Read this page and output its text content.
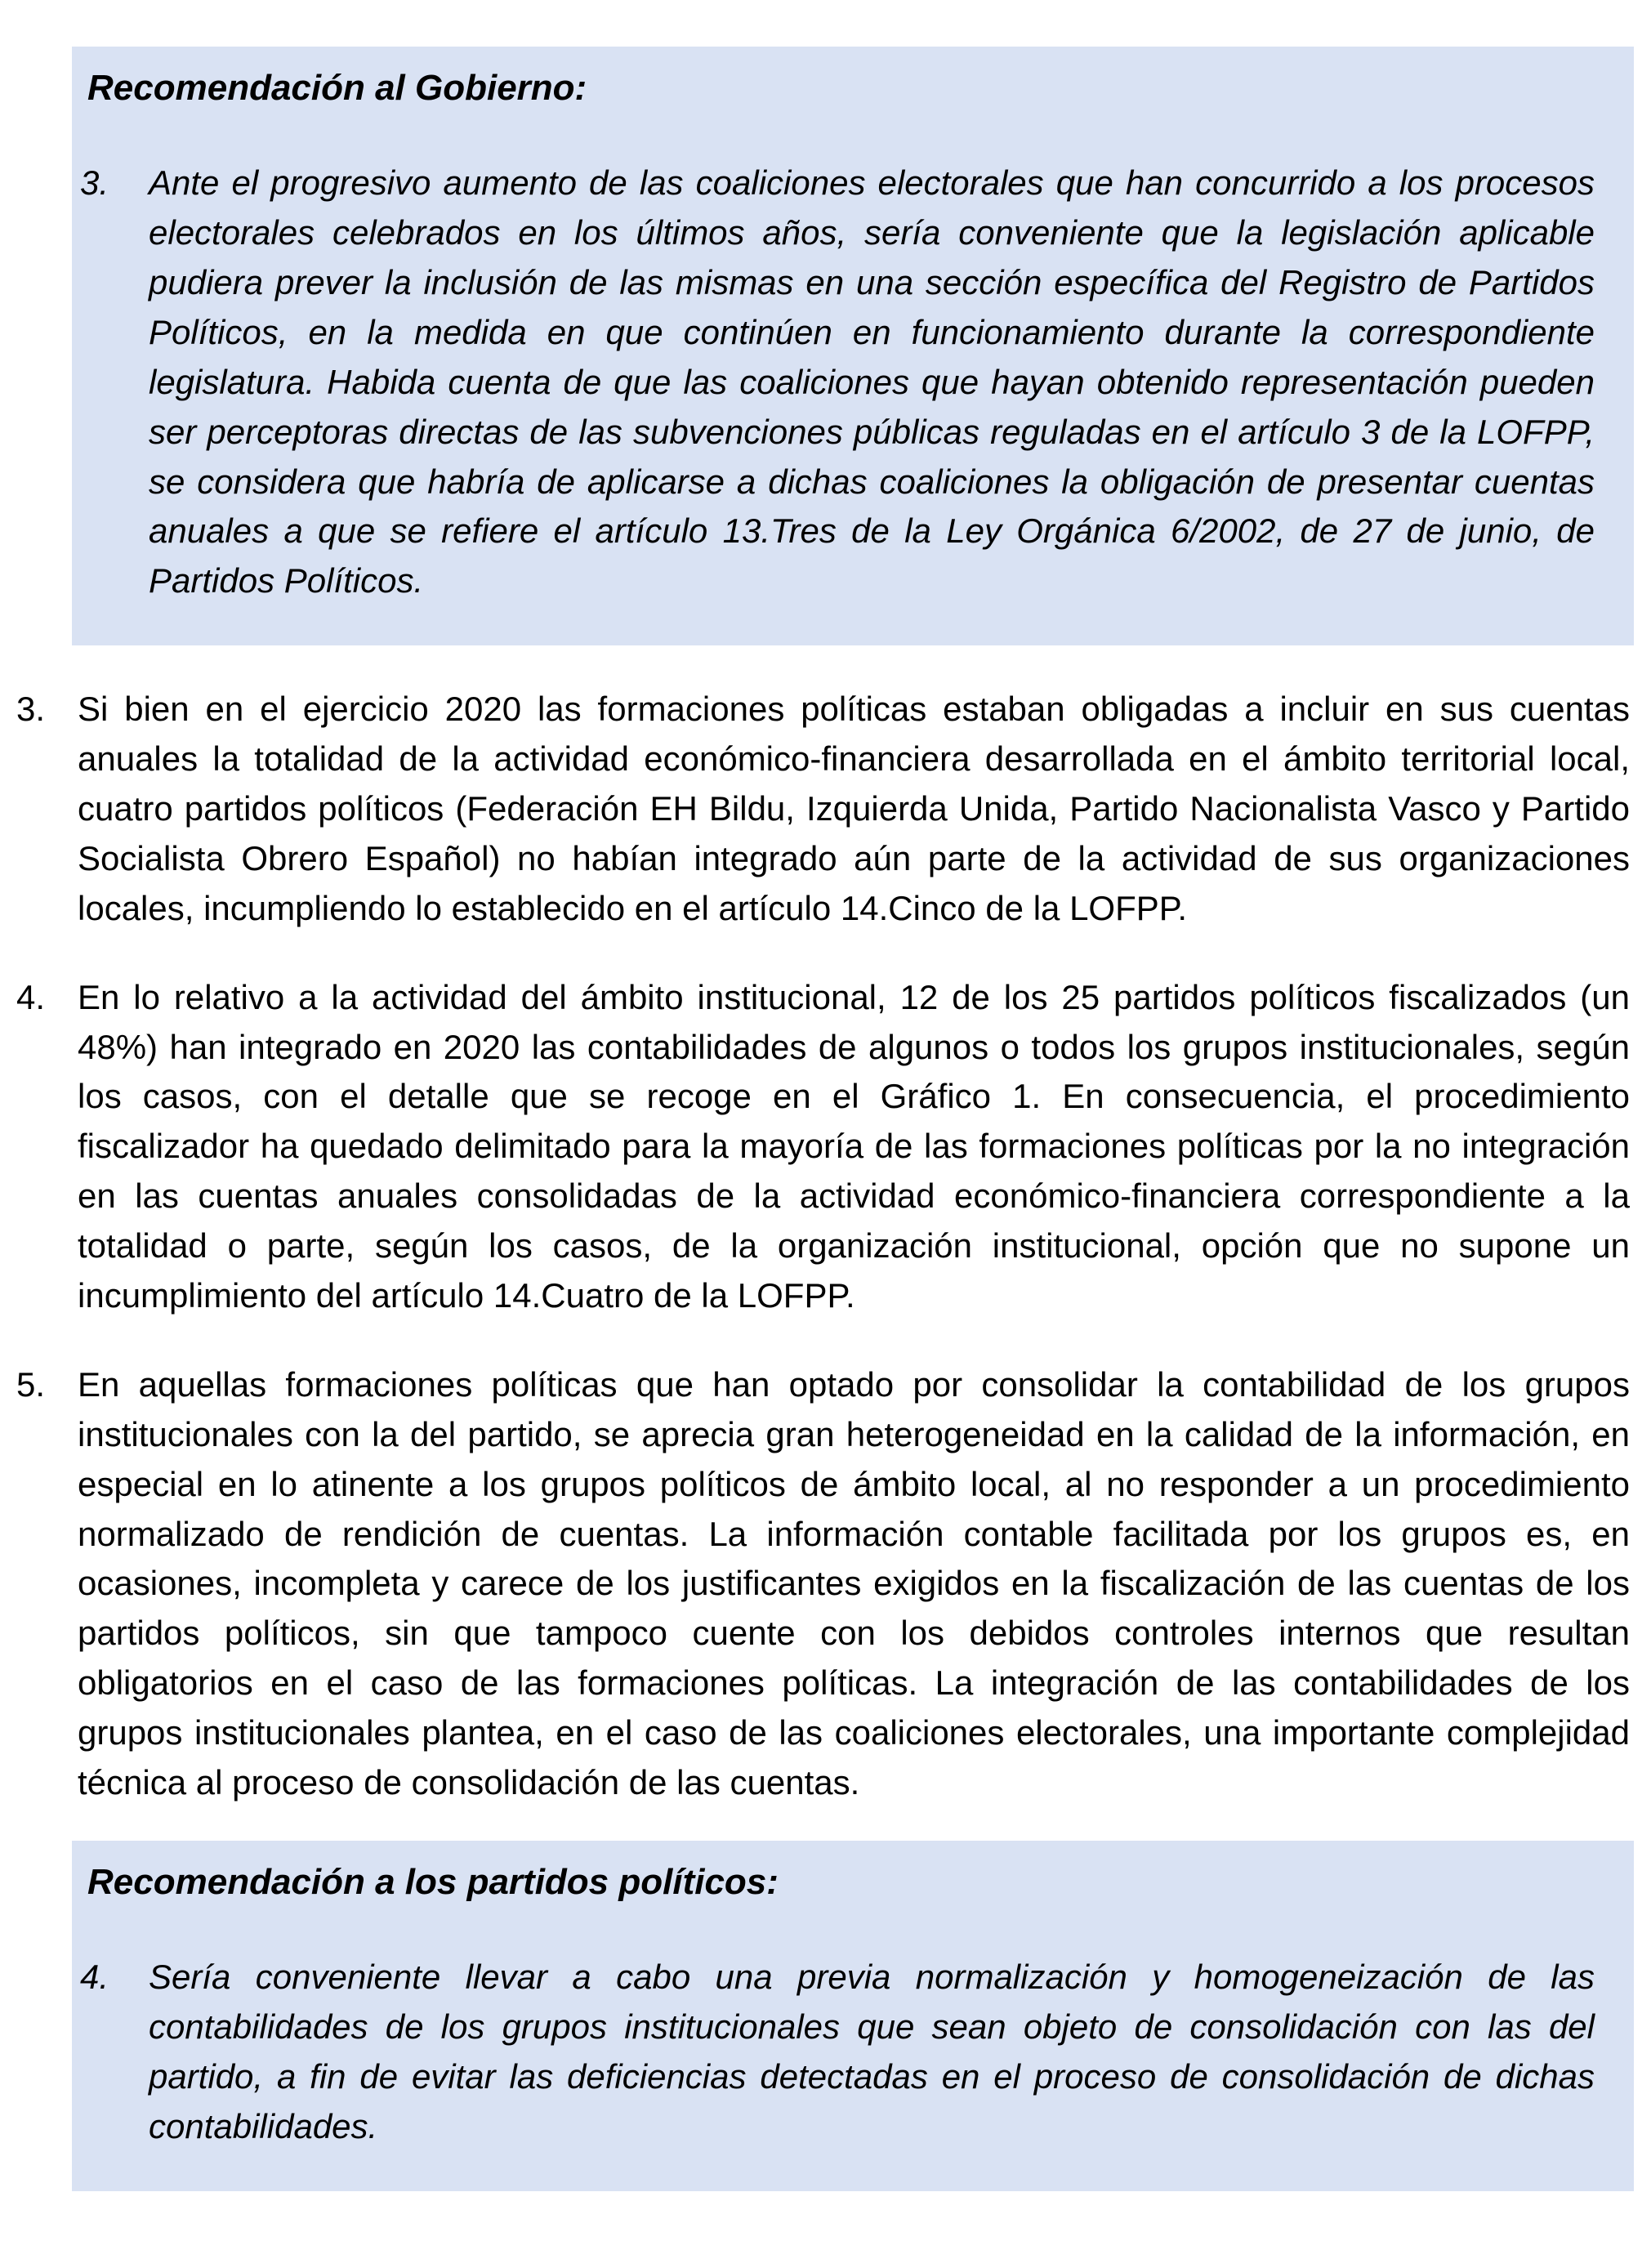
Recomendación al Gobierno:
3.	Ante el progresivo aumento de las coaliciones electorales que han concurrido a los procesos electorales celebrados en los últimos años, sería conveniente que la legislación aplicable pudiera prever la inclusión de las mismas en una sección específica del Registro de Partidos Políticos, en la medida en que continúen en funcionamiento durante la correspondiente legislatura. Habida cuenta de que las coaliciones que hayan obtenido representación pueden ser perceptoras directas de las subvenciones públicas reguladas en el artículo 3 de la LOFPP, se considera que habría de aplicarse a dichas coaliciones la obligación de presentar cuentas anuales a que se refiere el artículo 13.Tres de la Ley Orgánica 6/2002, de 27 de junio, de Partidos Políticos.
3. Si bien en el ejercicio 2020 las formaciones políticas estaban obligadas a incluir en sus cuentas anuales la totalidad de la actividad económico-financiera desarrollada en el ámbito territorial local, cuatro partidos políticos (Federación EH Bildu, Izquierda Unida, Partido Nacionalista Vasco y Partido Socialista Obrero Español) no habían integrado aún parte de la actividad de sus organizaciones locales, incumpliendo lo establecido en el artículo 14.Cinco de la LOFPP.
4. En lo relativo a la actividad del ámbito institucional, 12 de los 25 partidos políticos fiscalizados (un 48%) han integrado en 2020 las contabilidades de algunos o todos los grupos institucionales, según los casos, con el detalle que se recoge en el Gráfico 1. En consecuencia, el procedimiento fiscalizador ha quedado delimitado para la mayoría de las formaciones políticas por la no integración en las cuentas anuales consolidadas de la actividad económico-financiera correspondiente a la totalidad o parte, según los casos, de la organización institucional, opción que no supone un incumplimiento del artículo 14.Cuatro de la LOFPP.
5. En aquellas formaciones políticas que han optado por consolidar la contabilidad de los grupos institucionales con la del partido, se aprecia gran heterogeneidad en la calidad de la información, en especial en lo atinente a los grupos políticos de ámbito local, al no responder a un procedimiento normalizado de rendición de cuentas. La información contable facilitada por los grupos es, en ocasiones, incompleta y carece de los justificantes exigidos en la fiscalización de las cuentas de los partidos políticos, sin que tampoco cuente con los debidos controles internos que resultan obligatorios en el caso de las formaciones políticas. La integración de las contabilidades de los grupos institucionales plantea, en el caso de las coaliciones electorales, una importante complejidad técnica al proceso de consolidación de las cuentas.
Recomendación a los partidos políticos:
4.	Sería conveniente llevar a cabo una previa normalización y homogeneización de las contabilidades de los grupos institucionales que sean objeto de consolidación con las del partido, a fin de evitar las deficiencias detectadas en el proceso de consolidación de dichas contabilidades.
